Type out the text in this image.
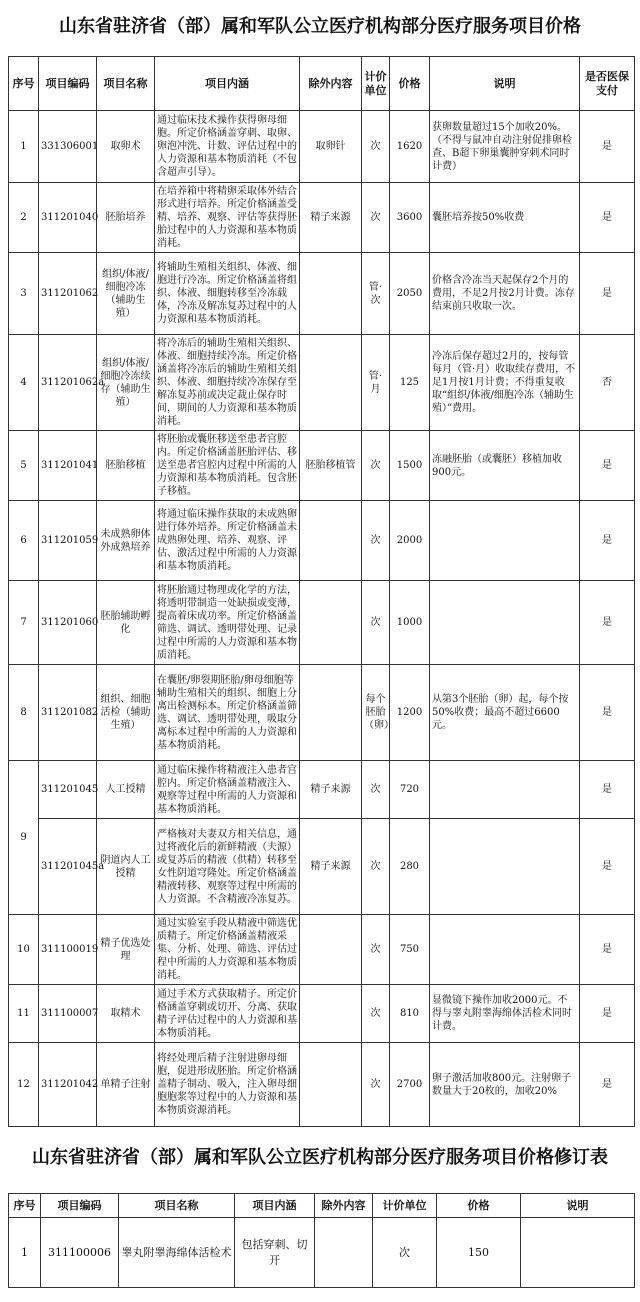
山东省驻济省（部）属和军队公立医疗机构部分医疗服务项目价格
序号	项目编码	项目名称	项目内涵	除外内容	计价单位	价格	说明	是否医保支付
1	331306001	取卵术	通过临床技术操作获得卵母细胞。所定价格涵盖穿刺、取卵、卵泡冲洗、计数、评估过程中的人力资源和基本物质消耗（不包含超声引导）。	取卵针	次	1620	获卵数量超过15个加收20%。（不得与鼠冲自动注射促排卵检查、B超下卵巢囊肿穿刺术同时计费）	是
2	311201040	胚胎培养	在培养箱中将精卵采取体外结合形式进行培养。所定价格涵盖受精、培养、观察、评估等获得胚胎过程中的人力资源和基本物质消耗。	精子来源	次	3600	囊胚培养按50%收费	是
3	311201062	组织/体液/细胞冷冻（辅助生殖）	将辅助生殖相关组织、体液、细胞进行冷冻。所定价格涵盖将组织、体液、细胞转移至冷冻载体，冷冻及解冻复苏过程中的人力资源和基本物质消耗。		管·次	2050	价格含冷冻当天起保存2个月的费用，不足2月按2月计费。冻存结束前只收取一次。	是
4	311201062a	组织/体液/细胞冷冻续存（辅助生殖）	将冷冻后的辅助生殖相关组织、体液、细胞持续冷冻。所定价格涵盖将冷冻后的辅助生殖相关组织、体液、细胞持续冷冻保存至解冻复苏前或决定裁止保存时间，期间的人力资源和基本物质消耗。		管·月	125	冷冻后保存超过2月的，按每管每月（管·月）收取续存费用，不足1月按1月计费；不得重复收取“组织/体液/细胞冷冻（辅助生殖）”费用。	否
5	311201041	胚胎移植	将胚胎或囊胚移送至患者宫腔内。所定价格涵盖胚胎评估、移送至患者宫腔内过程中所需的人力资源和基本物质消耗。包含胚子移植。	胚胎移植管	次	1500	冻融胚胎（或囊胚）移植加收900元。	是
6	311201059	未成熟卵体外成熟培养	将通过临床操作获取的未成熟卵进行体外培养。所定价格涵盖未成熟卵处理、培养、观察、评估、激活过程中所需的人力资源和基本物质消耗。		次	2000		是
7	311201060	胚胎辅助孵化	将胚胎通过物理或化学的方法，将透明带制造一处缺损或变薄，提高着床成功率。所定价格涵盖筛选、调试、透明带处理、记录过程中所需的人力资源和基本物质消耗。		次	1000		是
8	311201082	组织、细胞活检（辅助生殖）	在囊胚/卵裂期胚胎/卵母细胞等辅助生殖相关的组织、细胞上分离出检测标本。所定价格涵盖筛选、调试、透明带处理，吸取分离标本过程中所需的人力资源和基本物质消耗。		每个胚胎（卵）	1200	从第3个胚胎（卵）起，每个按50%收费；最高不超过6600元。	是
9	311201045	人工授精	通过临床操作将精液注入患者宫腔内。所定价格涵盖精液注入、观察等过程中所需的人力资源和基本物质消耗。	精子来源	次	720		是
	311201045a	阴道内人工授精	严格核对夫妻双方相关信息，通过将液化后的新鲜精液（夫源）或复苏后的精液（供精）转移至女性阴道穹隆处。所定价格涵盖精液转移、观察等过程中所需的人力资源。不含精液冷冻复苏。	精子来源	次	280		是
10	311100019	精子优选处理	通过实验室手段从精液中筛选优质精子。所定价格涵盖精液采集、分析、处理、筛选、评估过程中所需的人力资源和基本物质消耗。		次	750		是
11	311100007	取精术	通过手术方式获取精子。所定价格涵盖穿刺或切开、分离、获取精子评估过程中的人力资源和基本物质消耗。		次	810	显微镜下操作加收2000元。不得与睾丸附睾海绵体活检术同时计费。	是
12	311201042	单精子注射	将经处理后精子注射进卵母细胞，促进形成胚胎。所定价格涵盖精子制动、吸入，注入卵母细胞胞浆等过程中的人力资源和基本物质资源消耗。		次	2700	卵子激活加收800元。注射卵子数量大于20枚的，加收20%	是
山东省驻济省（部）属和军队公立医疗机构部分医疗服务项目价格修订表
序号	项目编码	项目名称	项目内涵	除外内容	计价单位	价格	说明
1	311100006	睾丸附睾海绵体活检术	包括穿刺、切开		次	150	
